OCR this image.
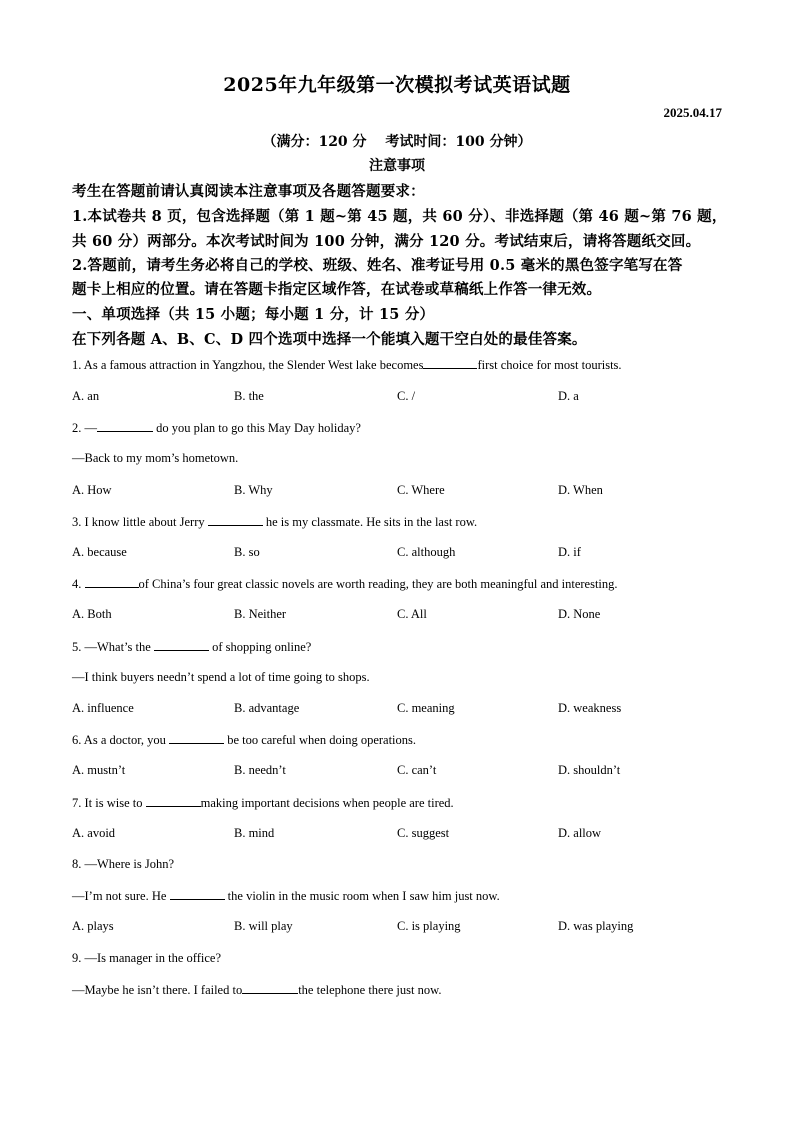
2025年九年级第一次模拟考试英语试题
2025.04.17
（满分：120 分　 考试时间：100 分钟）
注意事项
考生在答题前请认真阅读本注意事项及各题答题要求：
1.本试卷共 8 页，包含选择题（第 1 题~第 45 题，共 60 分）、非选择题（第 46 题~第 76 题，
共 60 分）两部分。本次考试时间为 100 分钟，满分 120 分。考试结束后，请将答题纸交回。
2.答题前，请考生务必将自己的学校、班级、姓名、准考证号用 0.5 毫米的黑色签字笔写在答
题卡上相应的位置。请在答题卡指定区域作答，在试卷或草稿纸上作答一律无效。
一、单项选择（共 15 小题；每小题 1 分，计 15 分）
在下列各题 A、B、C、D 四个选项中选择一个能填入题干空白处的最佳答案。
1. As a famous attraction in Yangzhou, the Slender West lake becomes	first choice for most tourists.
A. an	B. the	C. /	D. a
2. —	do you plan to go this May Day holiday?
—Back to my mom’s hometown.
A. How	B. Why	C. Where	D. When
3. I know little about Jerry	he is my classmate. He sits in the last row.
A. because	B. so	C. although	D. if
4.	of China’s four great classic novels are worth reading, they are both meaningful and interesting.
A. Both	B. Neither	C. All	D. None
5. —What’s the	of shopping online?
—I think buyers needn’t spend a lot of time going to shops.
A. influence	B. advantage	C. meaning	D. weakness
6. As a doctor, you	be too careful when doing operations.
A. mustn’t	B. needn’t	C. can’t	D. shouldn’t
7. It is wise to	making important decisions when people are tired.
A. avoid	B. mind	C. suggest	D. allow
8. —Where is John?
—I’m not sure. He	the violin in the music room when I saw him just now.
A. plays	B. will play	C. is playing	D. was playing
9. —Is manager in the office?
—Maybe he isn’t there. I failed to	the telephone there just now.
